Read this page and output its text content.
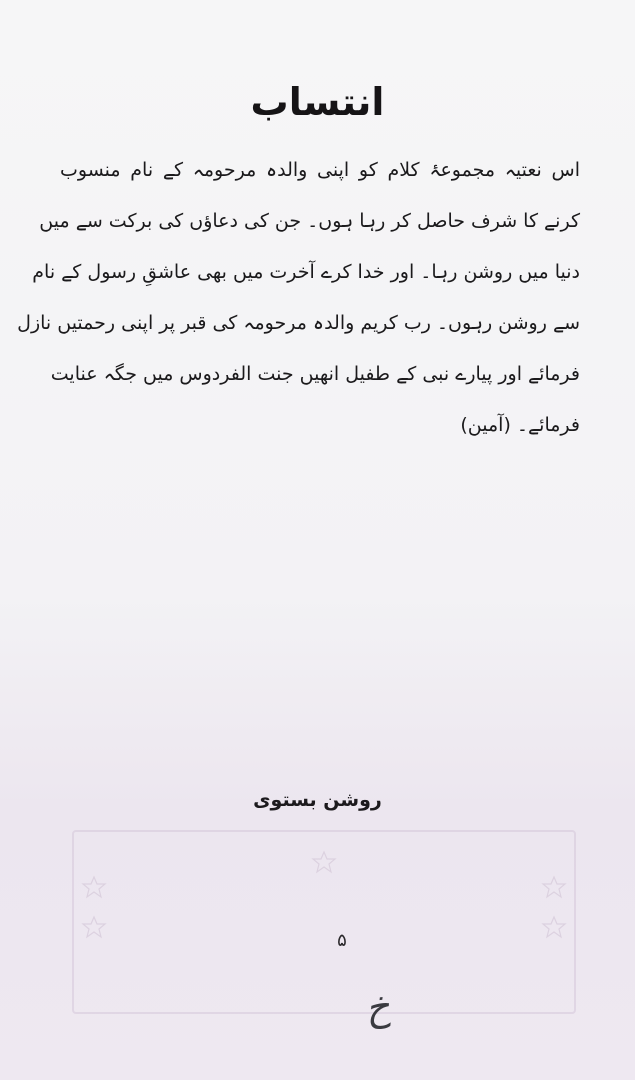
انتساب
اس نعتیہ مجموعۂ کلام کو اپنی والدہ مرحومہ کے نام منسوب
کرنے کا شرف حاصل کر رہا ہوں۔ جن کی دعاؤں کی برکت سے میں
دنیا میں روشن رہا۔ اور خدا کرے آخرت میں بھی عاشقِ رسول کے نام
سے روشن رہوں۔ رب کریم والدہ مرحومہ کی قبر پر اپنی رحمتیں نازل
فرمائے اور پیارے نبی کے طفیل انھیں جنت الفردوس میں جگہ عنایت
فرمائے۔ (آمین)
روشن بستوی
۵
خ
